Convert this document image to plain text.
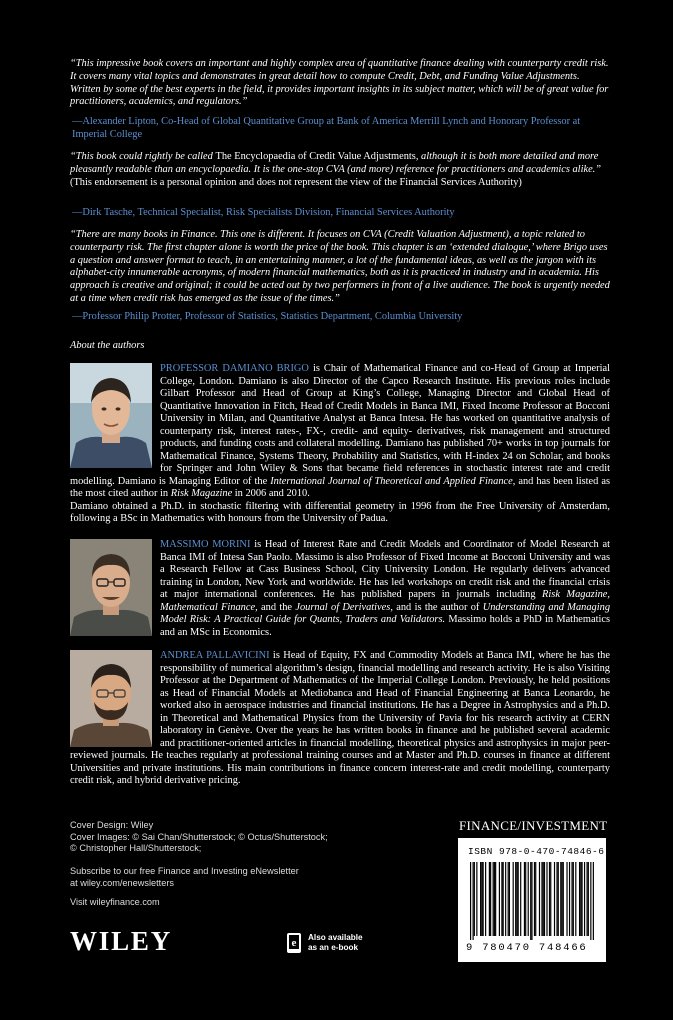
“This impressive book covers an important and highly complex area of quantitative finance dealing with counterparty credit risk. It covers many vital topics and demonstrates in great detail how to compute Credit, Debt, and Funding Value Adjustments. Written by some of the best experts in the field, it provides important insights in its subject matter, which will be of great value for practitioners, academics, and regulators.”

—Alexander Lipton, Co-Head of Global Quantitative Group at Bank of America Merrill Lynch and Honorary Professor at Imperial College

“This book could rightly be called The Encyclopaedia of Credit Value Adjustments, although it is both more detailed and more pleasantly readable than an encyclopaedia. It is the one-stop CVA (and more) reference for practitioners and academics alike.”
(This endorsement is a personal opinion and does not represent the view of the Financial Services Authority)

—Dirk Tasche, Technical Specialist, Risk Specialists Division, Financial Services Authority

“There are many books in Finance. This one is different. It focuses on CVA (Credit Valuation Adjustment), a topic related to counterparty risk. The first chapter alone is worth the price of the book. This chapter is an ‘extended dialogue,’ where Brigo uses a question and answer format to teach, in an entertaining manner, a lot of the fundamental ideas, as well as the jargon with its alphabet-city innumerable acronyms, of modern financial mathematics, both as it is practiced in industry and in academia. His approach is creative and original; it could be acted out by two performers in front of a live audience. The book is urgently needed at a time when credit risk has emerged as the issue of the times.”

—Professor Philip Protter, Professor of Statistics, Statistics Department, Columbia University

About the authors
PROFESSOR DAMIANO BRIGO is Chair of Mathematical Finance and co-Head of Group at Imperial College, London. Damiano is also Director of the Capco Research Institute. His previous roles include Gilbart Professor and Head of Group at King’s College, Managing Director and Global Head of Quantitative Innovation in Fitch, Head of Credit Models in Banca IMI, Fixed Income Professor at Bocconi University in Milan, and Quantitative Analyst at Banca Intesa. He has worked on quantitative analysis of counterparty risk, interest rates-, FX-, credit- and equity- derivatives, risk management and structured products, and funding costs and collateral modelling. Damiano has published 70+ works in top journals for Mathematical Finance, Systems Theory, Probability and Statistics, with H-index 24 on Scholar, and books for Springer and John Wiley & Sons that became field references in stochastic interest rate and credit modelling. Damiano is Managing Editor of the International Journal of Theoretical and Applied Finance, and has been listed as the most cited author in Risk Magazine in 2006 and 2010.
Damiano obtained a Ph.D. in stochastic filtering with differential geometry in 1996 from the Free University of Amsterdam, following a BSc in Mathematics with honours from the University of Padua.
MASSIMO MORINI is Head of Interest Rate and Credit Models and Coordinator of Model Research at Banca IMI of Intesa San Paolo. Massimo is also Professor of Fixed Income at Bocconi University and was a Research Fellow at Cass Business School, City University London. He regularly delivers advanced training in London, New York and worldwide. He has led workshops on credit risk and the financial crisis at major international conferences. He has published papers in journals including Risk Magazine, Mathematical Finance, and the Journal of Derivatives, and is the author of Understanding and Managing Model Risk: A Practical Guide for Quants, Traders and Validators. Massimo holds a PhD in Mathematics and an MSc in Economics.
ANDREA PALLAVICINI is Head of Equity, FX and Commodity Models at Banca IMI, where he has the responsibility of numerical algorithm’s design, financial modelling and research activity. He is also Visiting Professor at the Department of Mathematics of the Imperial College London. Previously, he held positions as Head of Financial Models at Mediobanca and Head of Financial Engineering at Banca Leonardo, he worked also in aerospace industries and financial institutions. He has a Degree in Astrophysics and a Ph.D. in Theoretical and Mathematical Physics from the University of Pavia for his research activity at CERN laboratory in Genève. Over the years he has written books in finance and he published several academic and practitioner-oriented articles in financial modelling, theoretical physics and astrophysics in major peer-reviewed journals. He teaches regularly at professional training courses and at Master and Ph.D. courses in finance at different Universities and private institutions. His main contributions in finance concern interest-rate and credit modelling, counterparty credit risk, and hybrid derivative pricing.
Cover Design: Wiley
Cover Images: © Sai Chan/Shutterstock; © Octus/Shutterstock;
© Christopher Hall/Shutterstock;
Subscribe to our free Finance and Investing eNewsletter
at wiley.com/enewsletters
Visit wileyfinance.com
FINANCE/INVESTMENT
ISBN 978-0-470-74846-6
9 780470 748466
WILEY	e Also available
as an e-book
